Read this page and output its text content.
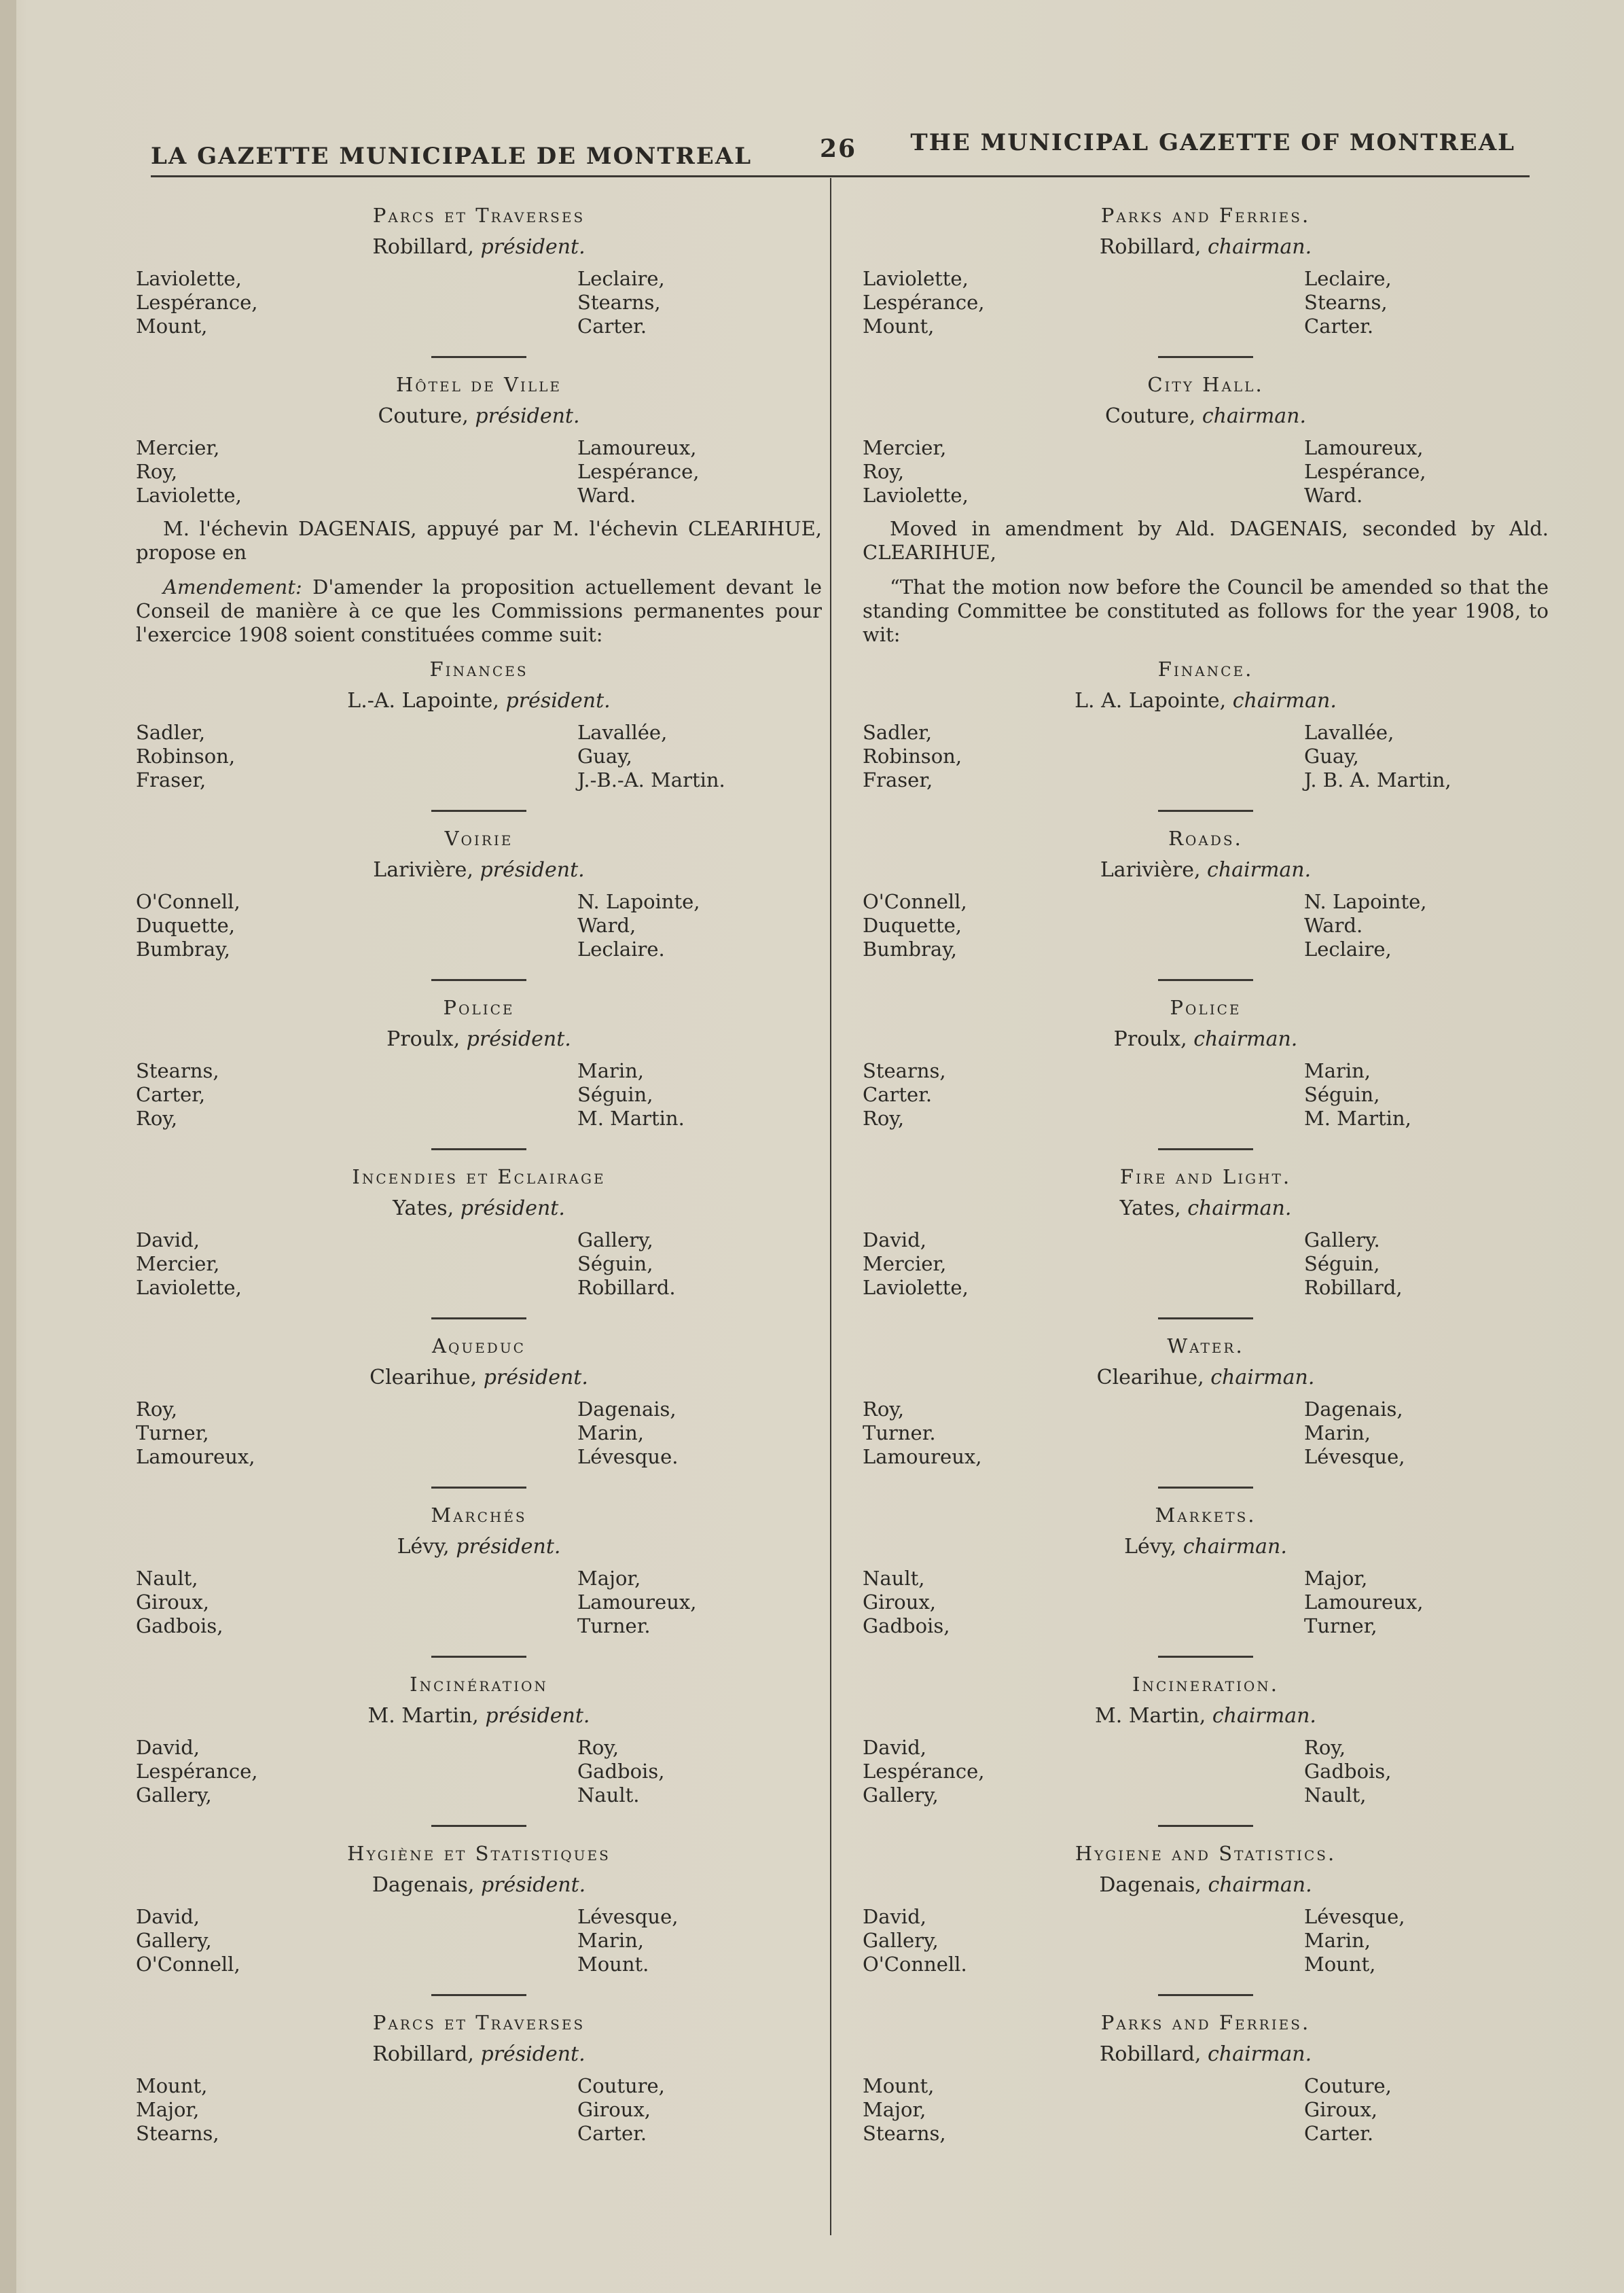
LA GAZETTE MUNICIPALE DE MONTREAL	26 THE MUNICIPAL GAZETTE OF MONTREAL
Parcs et Traverses
Robillard, président.
Laviolette,
Lespérance,
Mount,
Leclaire,
Stearns,
Carter.
Hôtel de Ville
Couture, président.
Mercier,
Roy,
Laviolette,
Lamoureux,
Lespérance,
Ward.
M. l'échevin DAGENAIS, appuyé par M. l'échevin CLEARIHUE, propose en
Amendement: D'amender la proposition actuellement devant le Conseil de manière à ce que les Commissions permanentes pour l'exercice 1908 soient constituées comme suit:
Finances
L.-A. Lapointe, président.
Sadler,
Robinson,
Fraser,
Lavallée,
Guay,
J.-B.-A. Martin.
Voirie
Larivière, président.
O'Connell,
Duquette,
Bumbray,
N. Lapointe,
Ward,
Leclaire.
Police
Proulx, président.
Stearns,
Carter,
Roy,
Marin,
Séguin,
M. Martin.
Incendies et Eclairage
Yates, président.
David,
Mercier,
Laviolette,
Gallery,
Séguin,
Robillard.
Aqueduc
Clearihue, président.
Roy,
Turner,
Lamoureux,
Dagenais,
Marin,
Lévesque.
Marchés
Lévy, président.
Nault,
Giroux,
Gadbois,
Major,
Lamoureux,
Turner.
Incinération
M. Martin, président.
David,
Lespérance,
Gallery,
Roy,
Gadbois,
Nault.
Hygiène et Statistiques
Dagenais, président.
David,
Gallery,
O'Connell,
Lévesque,
Marin,
Mount.
Parcs et Traverses
Robillard, président.
Mount,
Major,
Stearns,
Couture,
Giroux,
Carter.
Parks and Ferries.
Robillard, chairman.
Laviolette,
Lespérance,
Mount,
Leclaire,
Stearns,
Carter.
City Hall.
Couture, chairman.
Mercier,
Roy,
Laviolette,
Lamoureux,
Lespérance,
Ward.
Moved in amendment by Ald. DAGENAIS, seconded by Ald. CLEARIHUE,
“That the motion now before the Council be amended so that the standing Committee be constituted as follows for the year 1908, to wit:
Finance.
L. A. Lapointe, chairman.
Sadler,
Robinson,
Fraser,
Lavallée,
Guay,
J. B. A. Martin,
Roads.
Larivière, chairman.
O'Connell,
Duquette,
Bumbray,
N. Lapointe,
Ward.
Leclaire,
Police
Proulx, chairman.
Stearns,
Carter.
Roy,
Marin,
Séguin,
M. Martin,
Fire and Light.
Yates, chairman.
David,
Mercier,
Laviolette,
Gallery.
Séguin,
Robillard,
Water.
Clearihue, chairman.
Roy,
Turner.
Lamoureux,
Dagenais,
Marin,
Lévesque,
Markets.
Lévy, chairman.
Nault,
Giroux,
Gadbois,
Major,
Lamoureux,
Turner,
Incineration.
M. Martin, chairman.
David,
Lespérance,
Gallery,
Roy,
Gadbois,
Nault,
Hygiene and Statistics.
Dagenais, chairman.
David,
Gallery,
O'Connell.
Lévesque,
Marin,
Mount,
Parks and Ferries.
Robillard, chairman.
Mount,
Major,
Stearns,
Couture,
Giroux,
Carter.
